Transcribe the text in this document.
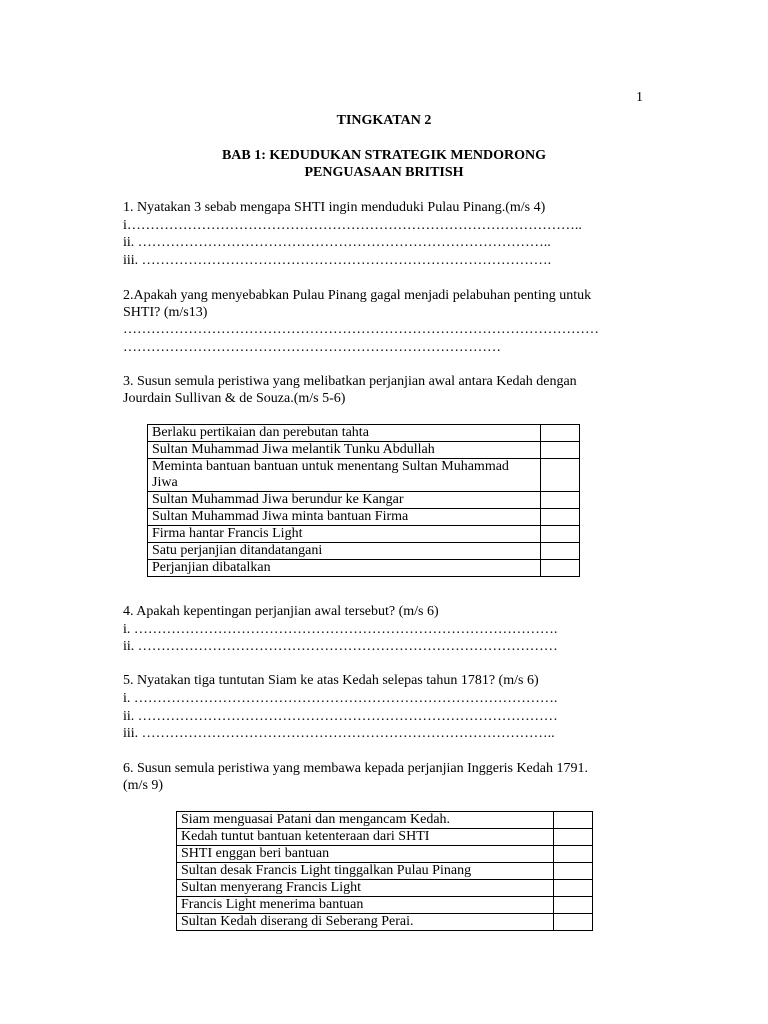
1
TINGKATAN 2
BAB 1: KEDUDUKAN STRATEGIK MENDORONG
PENGUASAAN BRITISH
1. Nyatakan 3 sebab mengapa SHTI ingin menduduki Pulau Pinang.(m/s 4)
i……………………………………………………………………………………..
ii. ……………………………………………………………………………..
iii. …………………………………………………………………………….
2.Apakah yang menyebabkan Pulau Pinang gagal menjadi pelabuhan penting untuk
SHTI? (m/s13)
…………………………………………………………………………………………
………………………………………………………………………
3. Susun semula peristiwa yang melibatkan perjanjian awal antara Kedah dengan
Jourdain Sullivan & de Souza.(m/s 5-6)
Berlaku pertikaian dan perebutan tahta	
Sultan Muhammad Jiwa melantik Tunku Abdullah	
Meminta bantuan bantuan untuk menentang Sultan Muhammad Jiwa	
Sultan Muhammad Jiwa berundur ke Kangar	
Sultan Muhammad Jiwa minta bantuan Firma	
Firma hantar Francis Light	
Satu perjanjian ditandatangani	
Perjanjian dibatalkan	
4. Apakah kepentingan perjanjian awal tersebut? (m/s 6)
i. ……………………………………………………………………………….
ii. ………………………………………………………………………………
5. Nyatakan tiga tuntutan Siam ke atas Kedah selepas tahun 1781? (m/s 6)
i. ……………………………………………………………………………….
ii. ………………………………………………………………………………
iii. ……………………………………………………………………………..
6. Susun semula peristiwa yang membawa kepada perjanjian Inggeris Kedah 1791.
(m/s 9)
Siam menguasai Patani dan mengancam Kedah.	
Kedah tuntut bantuan ketenteraan dari SHTI	
SHTI enggan beri bantuan	
Sultan desak Francis Light tinggalkan Pulau Pinang	
Sultan menyerang Francis Light	
Francis Light menerima bantuan	
Sultan Kedah diserang di Seberang Perai.	
